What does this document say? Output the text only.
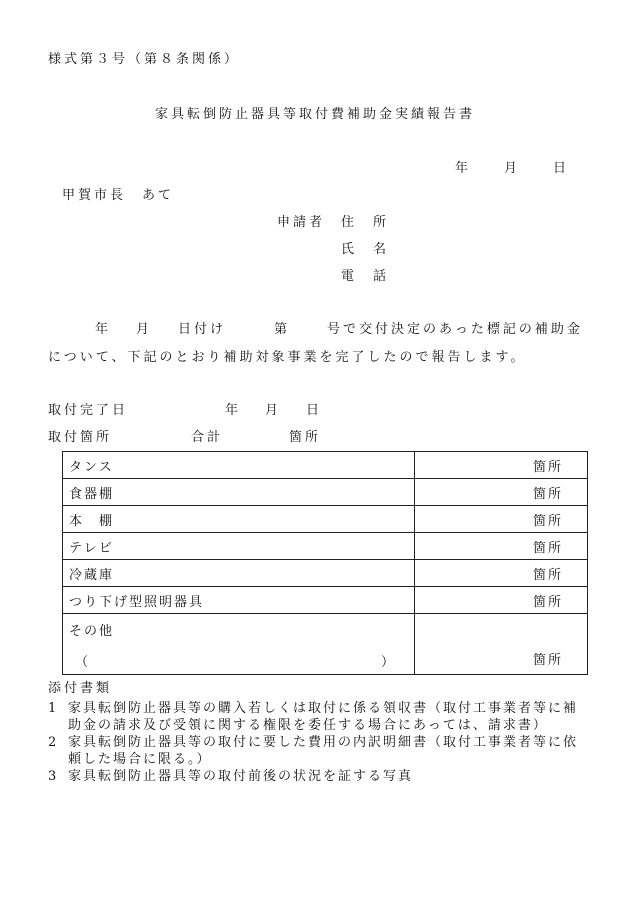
様式第３号（第８条関係）
家具転倒防止器具等取付費補助金実績報告書
年	月	日
甲賀市長　あて
申請者 住　所
氏　名
電　話
年 月 日付け	第	号で交付決定のあった標記の補助金
について、下記のとおり補助対象事業を完了したので報告します。
取付完了日	年 月 日
取付箇所	合計	箇所
タンス	箇所
食器棚	箇所
本　棚	箇所
テレビ	箇所
冷蔵庫	箇所
つり下げ型照明器具	箇所

その他
（ ）	箇所
添付書類
1 家具転倒防止器具等の購入若しくは取付に係る領収書（取付工事業者等に補助金の請求及び受領に関する権限を委任する場合にあっては、請求書）
2 家具転倒防止器具等の取付に要した費用の内訳明細書（取付工事業者等に依頼した場合に限る。）
3 家具転倒防止器具等の取付前後の状況を証する写真
